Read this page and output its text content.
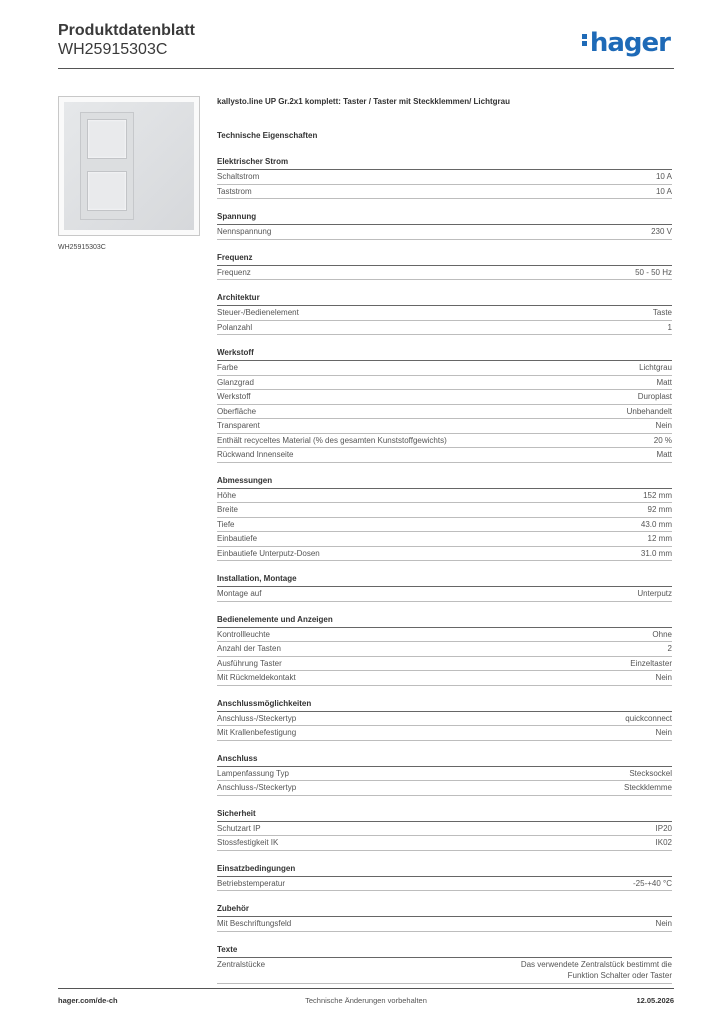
Produktdatenblatt
WH25915303C	hager
WH25915303C
kallysto.line UP Gr.2x1 komplett: Taster / Taster mit Steckklemmen/ Lichtgrau
Technische Eigenschaften
Elektrischer Strom
Schaltstrom	10 A
Taststrom	10 A
Spannung
Nennspannung	230 V
Frequenz
Frequenz	50 - 50 Hz
Architektur
Steuer-/Bedienelement	Taste
Polanzahl	1
Werkstoff
Farbe	Lichtgrau
Glanzgrad	Matt
Werkstoff	Duroplast
Oberfläche	Unbehandelt
Transparent	Nein
Enthält recyceltes Material (% des gesamten Kunststoffgewichts)	20 %
Rückwand Innenseite	Matt
Abmessungen
Höhe	152 mm
Breite	92 mm
Tiefe	43.0 mm
Einbautiefe	12 mm
Einbautiefe Unterputz-Dosen	31.0 mm
Installation, Montage
Montage auf	Unterputz
Bedienelemente und Anzeigen
Kontrollleuchte	Ohne
Anzahl der Tasten	2
Ausführung Taster	Einzeltaster
Mit Rückmeldekontakt	Nein
Anschlussmöglichkeiten
Anschluss-/Steckertyp	quickconnect
Mit Krallenbefestigung	Nein
Anschluss
Lampenfassung Typ	Stecksockel
Anschluss-/Steckertyp	Steckklemme
Sicherheit
Schutzart IP	IP20
Stossfestigkeit IK	IK02
Einsatzbedingungen
Betriebstemperatur	-25-+40 °C
Zubehör
Mit Beschriftungsfeld	Nein
Texte
Zentralstücke	Das verwendete Zentralstück bestimmt die Funktion Schalter oder Taster
hager.com/de-ch	Technische Änderungen vorbehalten	12.05.2026
